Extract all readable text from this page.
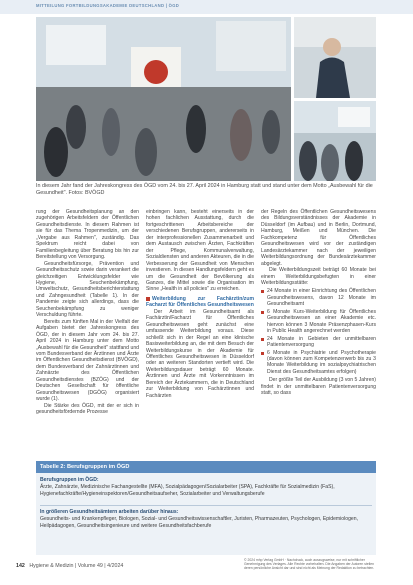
MITTEILUNG FORTBILDUNGSAKADEMIE DEUTSCHLAND | ÖGD
In diesem Jahr fand der Jahreskongress des ÖGD vom 24. bis 27. April 2024 in Hamburg statt und stand unter dem Motto „Ausbewahl für die Gesundheit". Fotos: BVÖGD

rung der Gesundheitsplanung an den zugehörigen Arbeitsfeldern der Öffentlichen Gesundheitsdienste. In diesem Rahmen ist sie für das Thema Tropenmedizin, um der „Vergabe aus Rahmen", zuständig. Das Spektrum reicht dabei von Familienbegleitung über Beratung bis hin zur Bereitstellung von Versorgung.

Gesundheitsfürsorge, Prävention und Gesundheitsschutz sowie darin verankert die gleichzeitigen Entwicklungsfelder wie Hygiene, Seuchenbekämpfung, Umweltschutz, Gesundheitsberichterstattung und Zahngesundheit (Tabelle 1). In der Pandemie zeigte sich allerdings, dass die Seuchenbekämpfung zu weniger Verschuldung führte.

Bereits zum fünften Mal in der Vielfalt der Aufgaben bietet der Jahreskongress des ÖGD, der in diesem Jahr vom 24. bis 27. April 2024 in Hamburg unter dem Motto „Ausbewahl für die Gesundheit" stattfand und vom Bundesverband der Ärztinnen und Ärzte im Öffentlichen Gesundheitsdienst (BVÖGD), dem Bundesverband der Zahnärztinnen und Zahnärzte des Öffentlichen Gesundheitsdienstes (BZÖG) und der Deutschen Gesellschaft für öffentliche Gesundheitswesen (DGÖG) organisiert wurde (1).

Die Stärke des ÖGD, mit der er sich in gesundheitsfördernde Prozesse

einbringen kann, besteht einerseits in der hohen fachlichen Ausstattung, durch die fortgeschrittenen Arbeitsbereiche der verschiedenen Berufsgruppen, andererseits in der interprofessionellen Zusammenarbeit und dem Austausch zwischen Ärzten, Fachkräften der Pflege, Kommunalverwaltung, Sozialdiensten und anderen Akteuren, die in die Verbesserung der Gesundheit von Menschen investieren. In diesen Handlungsfeldern geht es um die Gesundheit der Bevölkerung als Ganzes, die Mittel sowie die Organisation im Sinne „Health in all policies" zu erreichen.

Weiterbildung zur Fachärztin/zum Facharzt für Öffentliches Gesundheitswesen

Der Arbeit im Gesundheitsamt als Fachärztin/Facharzt für Öffentliches Gesundheitswesen geht zunächst eine umfassende Weiterbildung voraus. Diese schließt sich in der Regel an eine klinische Basisweiterbildung an, die mit dem Besuch der Weiterbildungskurse in der Akademie für Öffentliches Gesundheitswesen in Düsseldorf oder an weiteren Standorten vertieft wird. Die Weiterbildungsdauer beträgt 60 Monate. Ärztinnen und Ärzte mit Vorkenntnissen im Bereich der Ärztekammern, die in Deutschland zur Weiterbildung von Fachärztinnen und Fachärzten

der Regeln des Öffentlichen Gesundheitswesens des Bildungsverständnisses der Akademie in Düsseldorf (im Aufbau) und in Berlin, Dortmund, Hamburg, Meißen und München. Die Fachkompetenz für Öffentliches Gesundheitswesen wird vor der zuständigen Landesärztekammer nach der jeweiligen Weiterbildungsordnung der Bundesärztekammer abgelegt.

Die Weiterbildungszeit beträgt 60 Monate bei einem Weiterbildungsbefugten in einer Weiterbildungsstätte:

24 Monate in einer Einrichtung des Öffentlichen Gesundheitswesens, davon 12 Monate im Gesundheitsamt
6 Monate Kurs-Weiterbildung für Öffentliches Gesundheitswesen an einer Akademie etc. hiervon können 3 Monate Präsenzphasen-Kurs in Public Health angerechnet werden
24 Monate in Gebieten der unmittelbaren Patientenversorgung
6 Monate in Psychiatrie und Psychotherapie (davon können zum Kompetenzerwerb bis zu 3 Monate Weiterbildung im sozialpsychiatrischen Dienst des Gesundheitsamtes erfolgen)

Der größte Teil der Ausbildung (3 von 5 Jahren) findet in der unmittelbaren Patientenversorgung statt, so dass

Tabelle 2: Berufsgruppen im ÖGD
Berufsgruppen im ÖGD:
Ärzte, Zahnärzte, Medizinische Fachangestellte (MFA), Sozialpädagogen/Sozialarbeiter (SPA), Fachkräfte für Sozialmedizin (FaS), Hygienefachkräfte/Hygieneinspektoren/Gesundheitsaufseher, Sozialarbeiter und Verwaltungsberufe
In größeren Gesundheitsämtern arbeiten darüber hinaus:
Gesundheits- und Krankenpfleger, Biologen, Sozial- und Gesundheitswissenschaftler, Juristen, Pharmazeuten, Psychologen, Epidemiologen, Heilpädagogen, Gesundheitsingenieure und weitere Gesundheitsfachberufe
142 Hygiene & Medizin | Volume 49 | 4/2024
© 2024 mhp Verlag GmbH · Nachdruck, auch auszugsweise, nur mit schriftlicher Genehmigung des Verlages. Alle Rechte vorbehalten. Die Angaben der Autoren stellen deren persönliche Ansicht dar und sind nicht als Meinung der Redaktion zu betrachten.
